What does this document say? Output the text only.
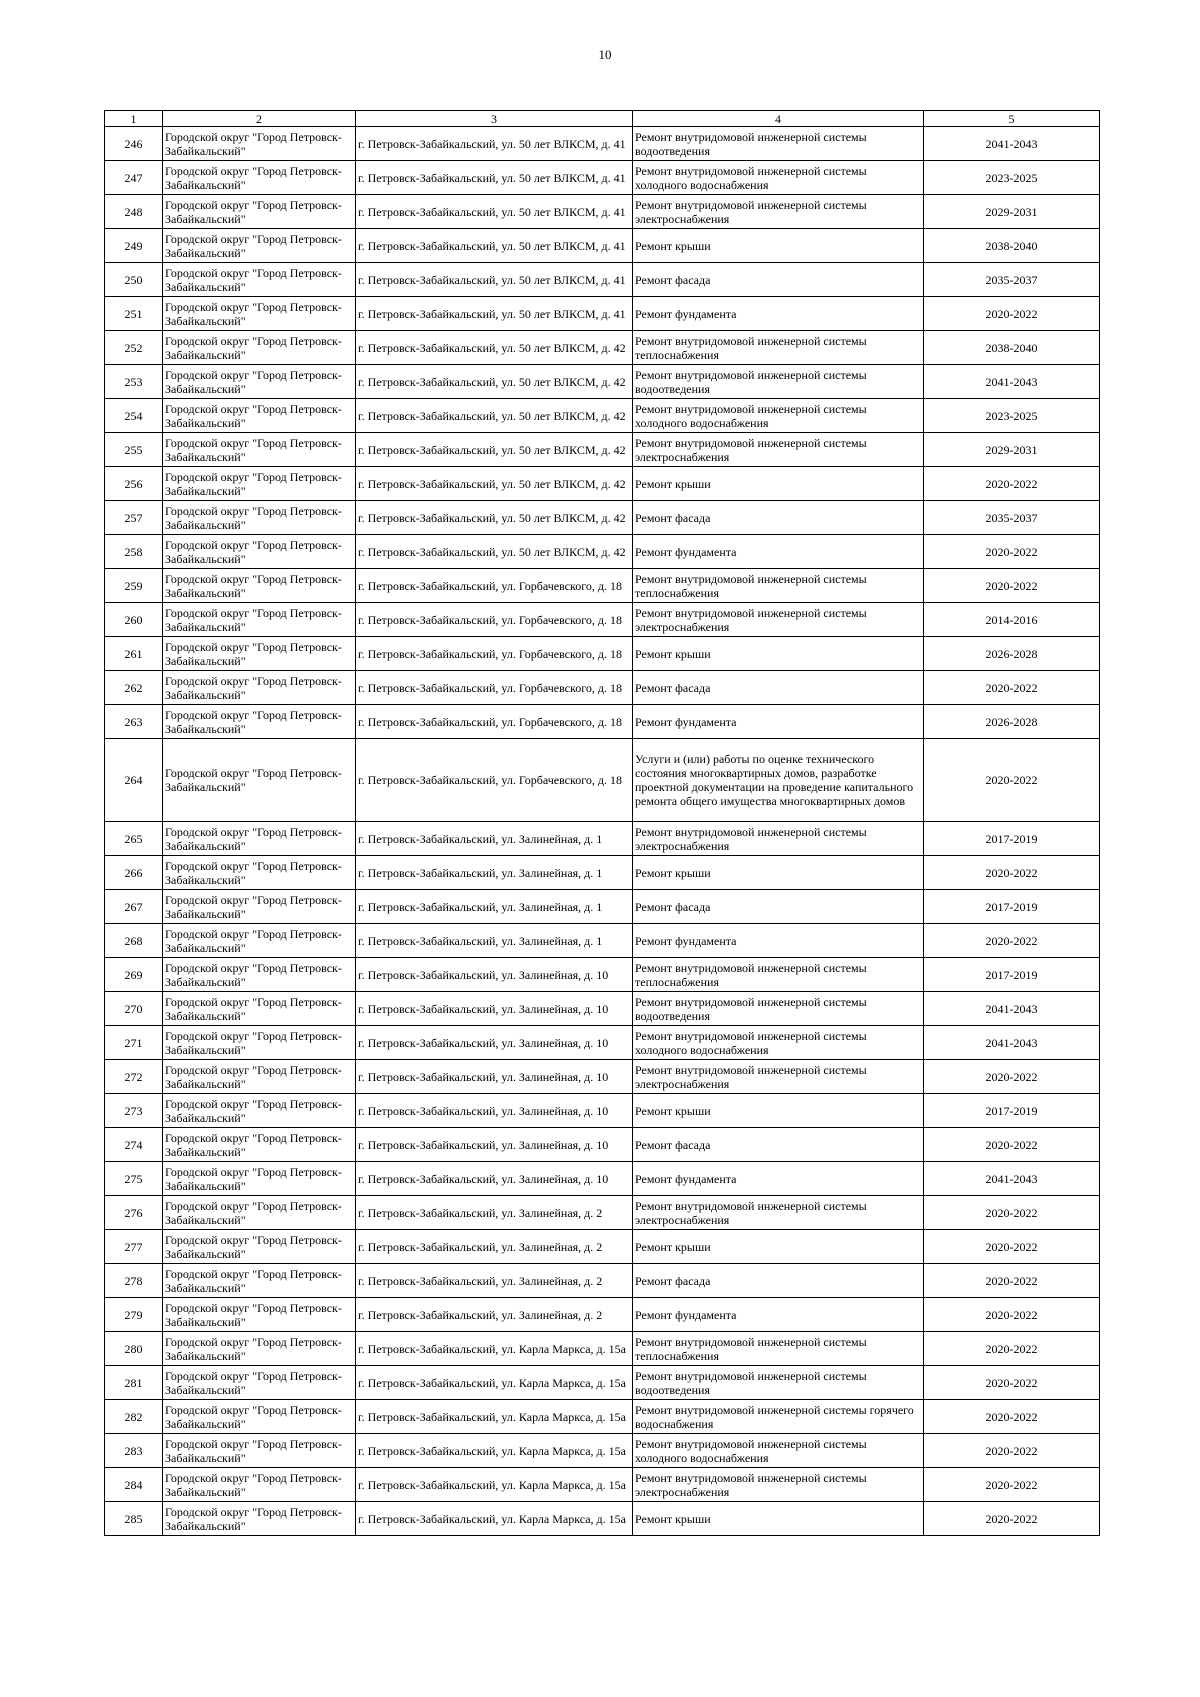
10
1	2	3	4	5
246	Городской округ "Город Петровск-Забайкальский"	г. Петровск-Забайкальский, ул. 50 лет ВЛКСМ, д. 41	Ремонт внутридомовой инженерной системы водоотведения	2041-2043
247	Городской округ "Город Петровск-Забайкальский"	г. Петровск-Забайкальский, ул. 50 лет ВЛКСМ, д. 41	Ремонт внутридомовой инженерной системы холодного водоснабжения	2023-2025
248	Городской округ "Город Петровск-Забайкальский"	г. Петровск-Забайкальский, ул. 50 лет ВЛКСМ, д. 41	Ремонт внутридомовой инженерной системы электроснабжения	2029-2031
249	Городской округ "Город Петровск-Забайкальский"	г. Петровск-Забайкальский, ул. 50 лет ВЛКСМ, д. 41	Ремонт крыши	2038-2040
250	Городской округ "Город Петровск-Забайкальский"	г. Петровск-Забайкальский, ул. 50 лет ВЛКСМ, д. 41	Ремонт фасада	2035-2037
251	Городской округ "Город Петровск-Забайкальский"	г. Петровск-Забайкальский, ул. 50 лет ВЛКСМ, д. 41	Ремонт фундамента	2020-2022
252	Городской округ "Город Петровск-Забайкальский"	г. Петровск-Забайкальский, ул. 50 лет ВЛКСМ, д. 42	Ремонт внутридомовой инженерной системы теплоснабжения	2038-2040
253	Городской округ "Город Петровск-Забайкальский"	г. Петровск-Забайкальский, ул. 50 лет ВЛКСМ, д. 42	Ремонт внутридомовой инженерной системы водоотведения	2041-2043
254	Городской округ "Город Петровск-Забайкальский"	г. Петровск-Забайкальский, ул. 50 лет ВЛКСМ, д. 42	Ремонт внутридомовой инженерной системы холодного водоснабжения	2023-2025
255	Городской округ "Город Петровск-Забайкальский"	г. Петровск-Забайкальский, ул. 50 лет ВЛКСМ, д. 42	Ремонт внутридомовой инженерной системы электроснабжения	2029-2031
256	Городской округ "Город Петровск-Забайкальский"	г. Петровск-Забайкальский, ул. 50 лет ВЛКСМ, д. 42	Ремонт крыши	2020-2022
257	Городской округ "Город Петровск-Забайкальский"	г. Петровск-Забайкальский, ул. 50 лет ВЛКСМ, д. 42	Ремонт фасада	2035-2037
258	Городской округ "Город Петровск-Забайкальский"	г. Петровск-Забайкальский, ул. 50 лет ВЛКСМ, д. 42	Ремонт фундамента	2020-2022
259	Городской округ "Город Петровск-Забайкальский"	г. Петровск-Забайкальский, ул. Горбачевского, д. 18	Ремонт внутридомовой инженерной системы теплоснабжения	2020-2022
260	Городской округ "Город Петровск-Забайкальский"	г. Петровск-Забайкальский, ул. Горбачевского, д. 18	Ремонт внутридомовой инженерной системы электроснабжения	2014-2016
261	Городской округ "Город Петровск-Забайкальский"	г. Петровск-Забайкальский, ул. Горбачевского, д. 18	Ремонт крыши	2026-2028
262	Городской округ "Город Петровск-Забайкальский"	г. Петровск-Забайкальский, ул. Горбачевского, д. 18	Ремонт фасада	2020-2022
263	Городской округ "Город Петровск-Забайкальский"	г. Петровск-Забайкальский, ул. Горбачевского, д. 18	Ремонт фундамента	2026-2028
264	Городской округ "Город Петровск-Забайкальский"	г. Петровск-Забайкальский, ул. Горбачевского, д. 18	Услуги и (или) работы по оценке технического состояния многоквартирных домов, разработке проектной документации на проведение капитального ремонта общего имущества многоквартирных домов	2020-2022
265	Городской округ "Город Петровск-Забайкальский"	г. Петровск-Забайкальский, ул. Залинейная, д. 1	Ремонт внутридомовой инженерной системы электроснабжения	2017-2019
266	Городской округ "Город Петровск-Забайкальский"	г. Петровск-Забайкальский, ул. Залинейная, д. 1	Ремонт крыши	2020-2022
267	Городской округ "Город Петровск-Забайкальский"	г. Петровск-Забайкальский, ул. Залинейная, д. 1	Ремонт фасада	2017-2019
268	Городской округ "Город Петровск-Забайкальский"	г. Петровск-Забайкальский, ул. Залинейная, д. 1	Ремонт фундамента	2020-2022
269	Городской округ "Город Петровск-Забайкальский"	г. Петровск-Забайкальский, ул. Залинейная, д. 10	Ремонт внутридомовой инженерной системы теплоснабжения	2017-2019
270	Городской округ "Город Петровск-Забайкальский"	г. Петровск-Забайкальский, ул. Залинейная, д. 10	Ремонт внутридомовой инженерной системы водоотведения	2041-2043
271	Городской округ "Город Петровск-Забайкальский"	г. Петровск-Забайкальский, ул. Залинейная, д. 10	Ремонт внутридомовой инженерной системы холодного водоснабжения	2041-2043
272	Городской округ "Город Петровск-Забайкальский"	г. Петровск-Забайкальский, ул. Залинейная, д. 10	Ремонт внутридомовой инженерной системы электроснабжения	2020-2022
273	Городской округ "Город Петровск-Забайкальский"	г. Петровск-Забайкальский, ул. Залинейная, д. 10	Ремонт крыши	2017-2019
274	Городской округ "Город Петровск-Забайкальский"	г. Петровск-Забайкальский, ул. Залинейная, д. 10	Ремонт фасада	2020-2022
275	Городской округ "Город Петровск-Забайкальский"	г. Петровск-Забайкальский, ул. Залинейная, д. 10	Ремонт фундамента	2041-2043
276	Городской округ "Город Петровск-Забайкальский"	г. Петровск-Забайкальский, ул. Залинейная, д. 2	Ремонт внутридомовой инженерной системы электроснабжения	2020-2022
277	Городской округ "Город Петровск-Забайкальский"	г. Петровск-Забайкальский, ул. Залинейная, д. 2	Ремонт крыши	2020-2022
278	Городской округ "Город Петровск-Забайкальский"	г. Петровск-Забайкальский, ул. Залинейная, д. 2	Ремонт фасада	2020-2022
279	Городской округ "Город Петровск-Забайкальский"	г. Петровск-Забайкальский, ул. Залинейная, д. 2	Ремонт фундамента	2020-2022
280	Городской округ "Город Петровск-Забайкальский"	г. Петровск-Забайкальский, ул. Карла Маркса, д. 15а	Ремонт внутридомовой инженерной системы теплоснабжения	2020-2022
281	Городской округ "Город Петровск-Забайкальский"	г. Петровск-Забайкальский, ул. Карла Маркса, д. 15а	Ремонт внутридомовой инженерной системы водоотведения	2020-2022
282	Городской округ "Город Петровск-Забайкальский"	г. Петровск-Забайкальский, ул. Карла Маркса, д. 15а	Ремонт внутридомовой инженерной системы горячего водоснабжения	2020-2022
283	Городской округ "Город Петровск-Забайкальский"	г. Петровск-Забайкальский, ул. Карла Маркса, д. 15а	Ремонт внутридомовой инженерной системы холодного водоснабжения	2020-2022
284	Городской округ "Город Петровск-Забайкальский"	г. Петровск-Забайкальский, ул. Карла Маркса, д. 15а	Ремонт внутридомовой инженерной системы электроснабжения	2020-2022
285	Городской округ "Город Петровск-Забайкальский"	г. Петровск-Забайкальский, ул. Карла Маркса, д. 15а	Ремонт крыши	2020-2022
